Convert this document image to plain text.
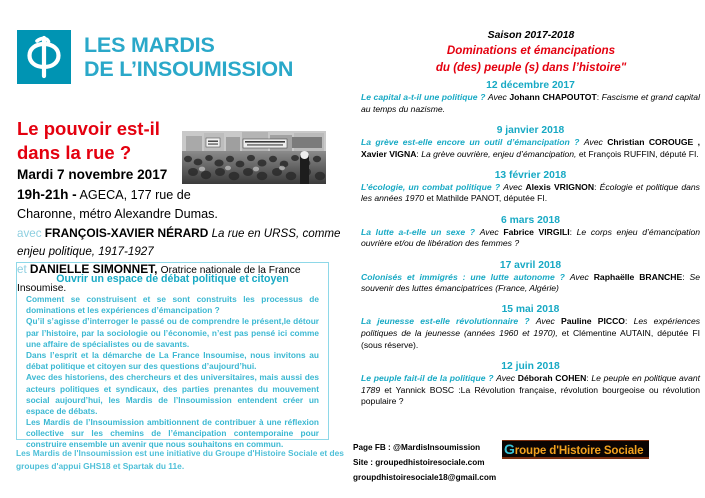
LES MARDIS
DE L’INSOUMISSION
Le pouvoir est-il
dans la rue ?
Mardi 7 novembre 2017
19h-21h - AGECA, 177 rue de
Charonne, métro Alexandre Dumas.
avec FRANÇOIS-XAVIER NÉRARD La rue en URSS, comme enjeu politique, 1917-1927
et DANIELLE SIMONNET, Oratrice nationale de la France Insoumise.
Ouvrir un espace de débat politique et citoyen

Comment se construisent et se sont construits les processus de dominations et les expériences d’émancipation ?

Qu’il s’agisse d’interroger le passé ou de comprendre le présent,le détour par l’histoire, par la sociologie ou l’économie, n’est pas pensé ici comme une affaire de spécialistes ou de savants.

Dans l’esprit et la démarche de La France Insoumise, nous invitons au débat politique et citoyen sur des questions d’aujourd’hui.

Avec des historiens, des chercheurs et des universitaires, mais aussi des acteurs politiques et syndicaux, des parties prenantes du mouvement social aujourd’hui, les Mardis de l’Insoumission entendent créer un espace de débats.

Les Mardis de l’Insoumission ambitionnent de contribuer à une réflexion collective sur les chemins de l’émancipation contemporaine pour construire ensemble un avenir que nous souhaitons en commun.

Les Mardis de l'Insoumission est une initiative du Groupe d'Histoire Sociale et des groupes d'appui GHS18 et Spartak du 11e.
Saison 2017-2018
Dominations et émancipations
du (des) peuple (s) dans l’histoire"
12 décembre 2017
Le capital a-t-il une politique ? Avec Johann CHAPOUTOT: Fascisme et grand capital au temps du nazisme.
9 janvier 2018
La grève est-elle encore un outil d’émancipation ? Avec Christian COROUGE , Xavier VIGNA: La grève ouvrière, enjeu d’émancipation, et François RUFFIN, député FI.
13 février 2018
L’écologie, un combat politique ? Avec Alexis VRIGNON: Écologie et politique dans les années 1970 et Mathilde PANOT, députée FI.
6 mars 2018
La lutte a-t-elle un sexe ? Avec Fabrice VIRGILI: Le corps enjeu d’émancipation ouvrière et/ou de libération des femmes ?
17 avril 2018
Colonisés et immigrés : une lutte autonome ? Avec Raphaëlle BRANCHE: Se souvenir des luttes émancipatrices (France, Algérie)
15 mai 2018
La jeunesse est-elle révolutionnaire ? Avec Pauline PICCO: Les expériences politiques de la jeunesse (années 1960 et 1970), et Clémentine AUTAIN, députée FI (sous réserve).
12 juin 2018
Le peuple fait-il de la politique ? Avec Déborah COHEN: Le peuple en politique avant 1789 et Yannick BOSC :La Révolution française, révolution bourgeoise ou révolution populaire ?
Page FB : @MardisInsoumission
Site : groupedhistoiresociale.com
groupdhistoiresociale18@gmail.com
Groupe d'Histoire Sociale
